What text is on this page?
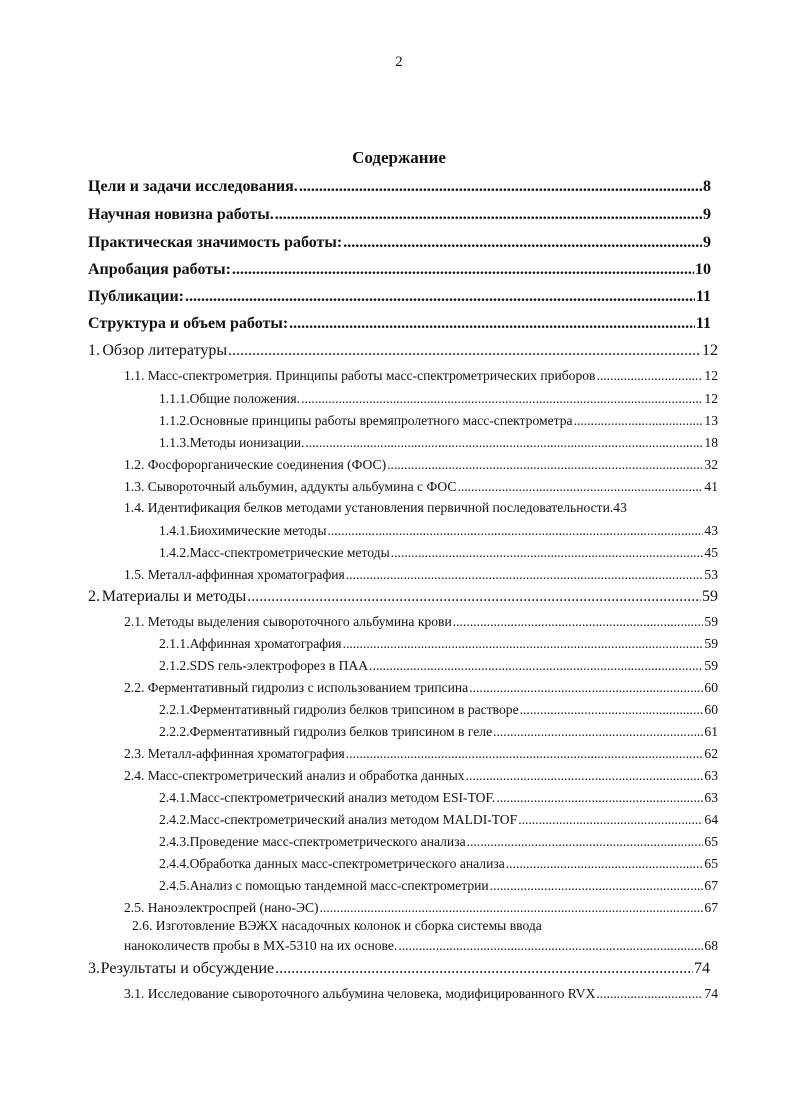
2
Содержание
Цели и задачи исследования. .....	8
Научная новизна работы. .....	9
Практическая значимость работы: .....	9
Апробация работы: .....	10
Публикации: .....	11
Структура и объем работы: .....	11
1. Обзор литературы .....	12
1.1. Масс-спектрометрия. Принципы работы масс-спектрометрических приборов .....	12
1.1.1. Общие положения. .....	12
1.1.2. Основные принципы работы времяпролетного масс-спектрометра .....	13
1.1.3. Методы ионизации. .....	18
1.2. Фосфорорганические соединения (ФОС) .....	32
1.3. Сывороточный альбумин, аддукты альбумина с ФОС .....	41
1.4. Идентификация белков методами установления первичной последовательности. 43
1.4.1. Биохимические методы .....	43
1.4.2. Масс-спектрометрические методы .....	45
1.5. Металл-аффинная хроматография .....	53
2. Материалы и методы .....	59
2.1. Методы выделения сывороточного альбумина крови .....	59
2.1.1. Аффинная хроматография .....	59
2.1.2. SDS гель-электрофорез в ПАА .....	59
2.2. Ферментативный гидролиз с использованием трипсина .....	60
2.2.1. Ферментативный гидролиз белков трипсином в растворе .....	60
2.2.2. Ферментативный гидролиз белков трипсином в геле .....	61
2.3. Металл-аффинная хроматография .....	62
2.4. Масс-спектрометрический анализ и обработка данных .....	63
2.4.1. Масс-спектрометрический анализ методом ESI-TOF. .....	63
2.4.2. Масс-спектрометрический анализ методом MALDI-TOF .....	64
2.4.3. Проведение масс-спектрометрического анализа .....	65
2.4.4. Обработка данных масс-спектрометрического анализа .....	65
2.4.5. Анализ с помощью тандемной масс-спектрометрии .....	67
2.5. Наноэлектроспрей (нано-ЭС) .....	67
2.6. Изготовление ВЭЖХ насадочных колонок и сборка системы ввода
наноколичеств пробы в МХ-5310 на их основе. .....	68
3. Результаты и обсуждение .....	74
3.1. Исследование сывороточного альбумина человека, модифицированного RVX .....	74
